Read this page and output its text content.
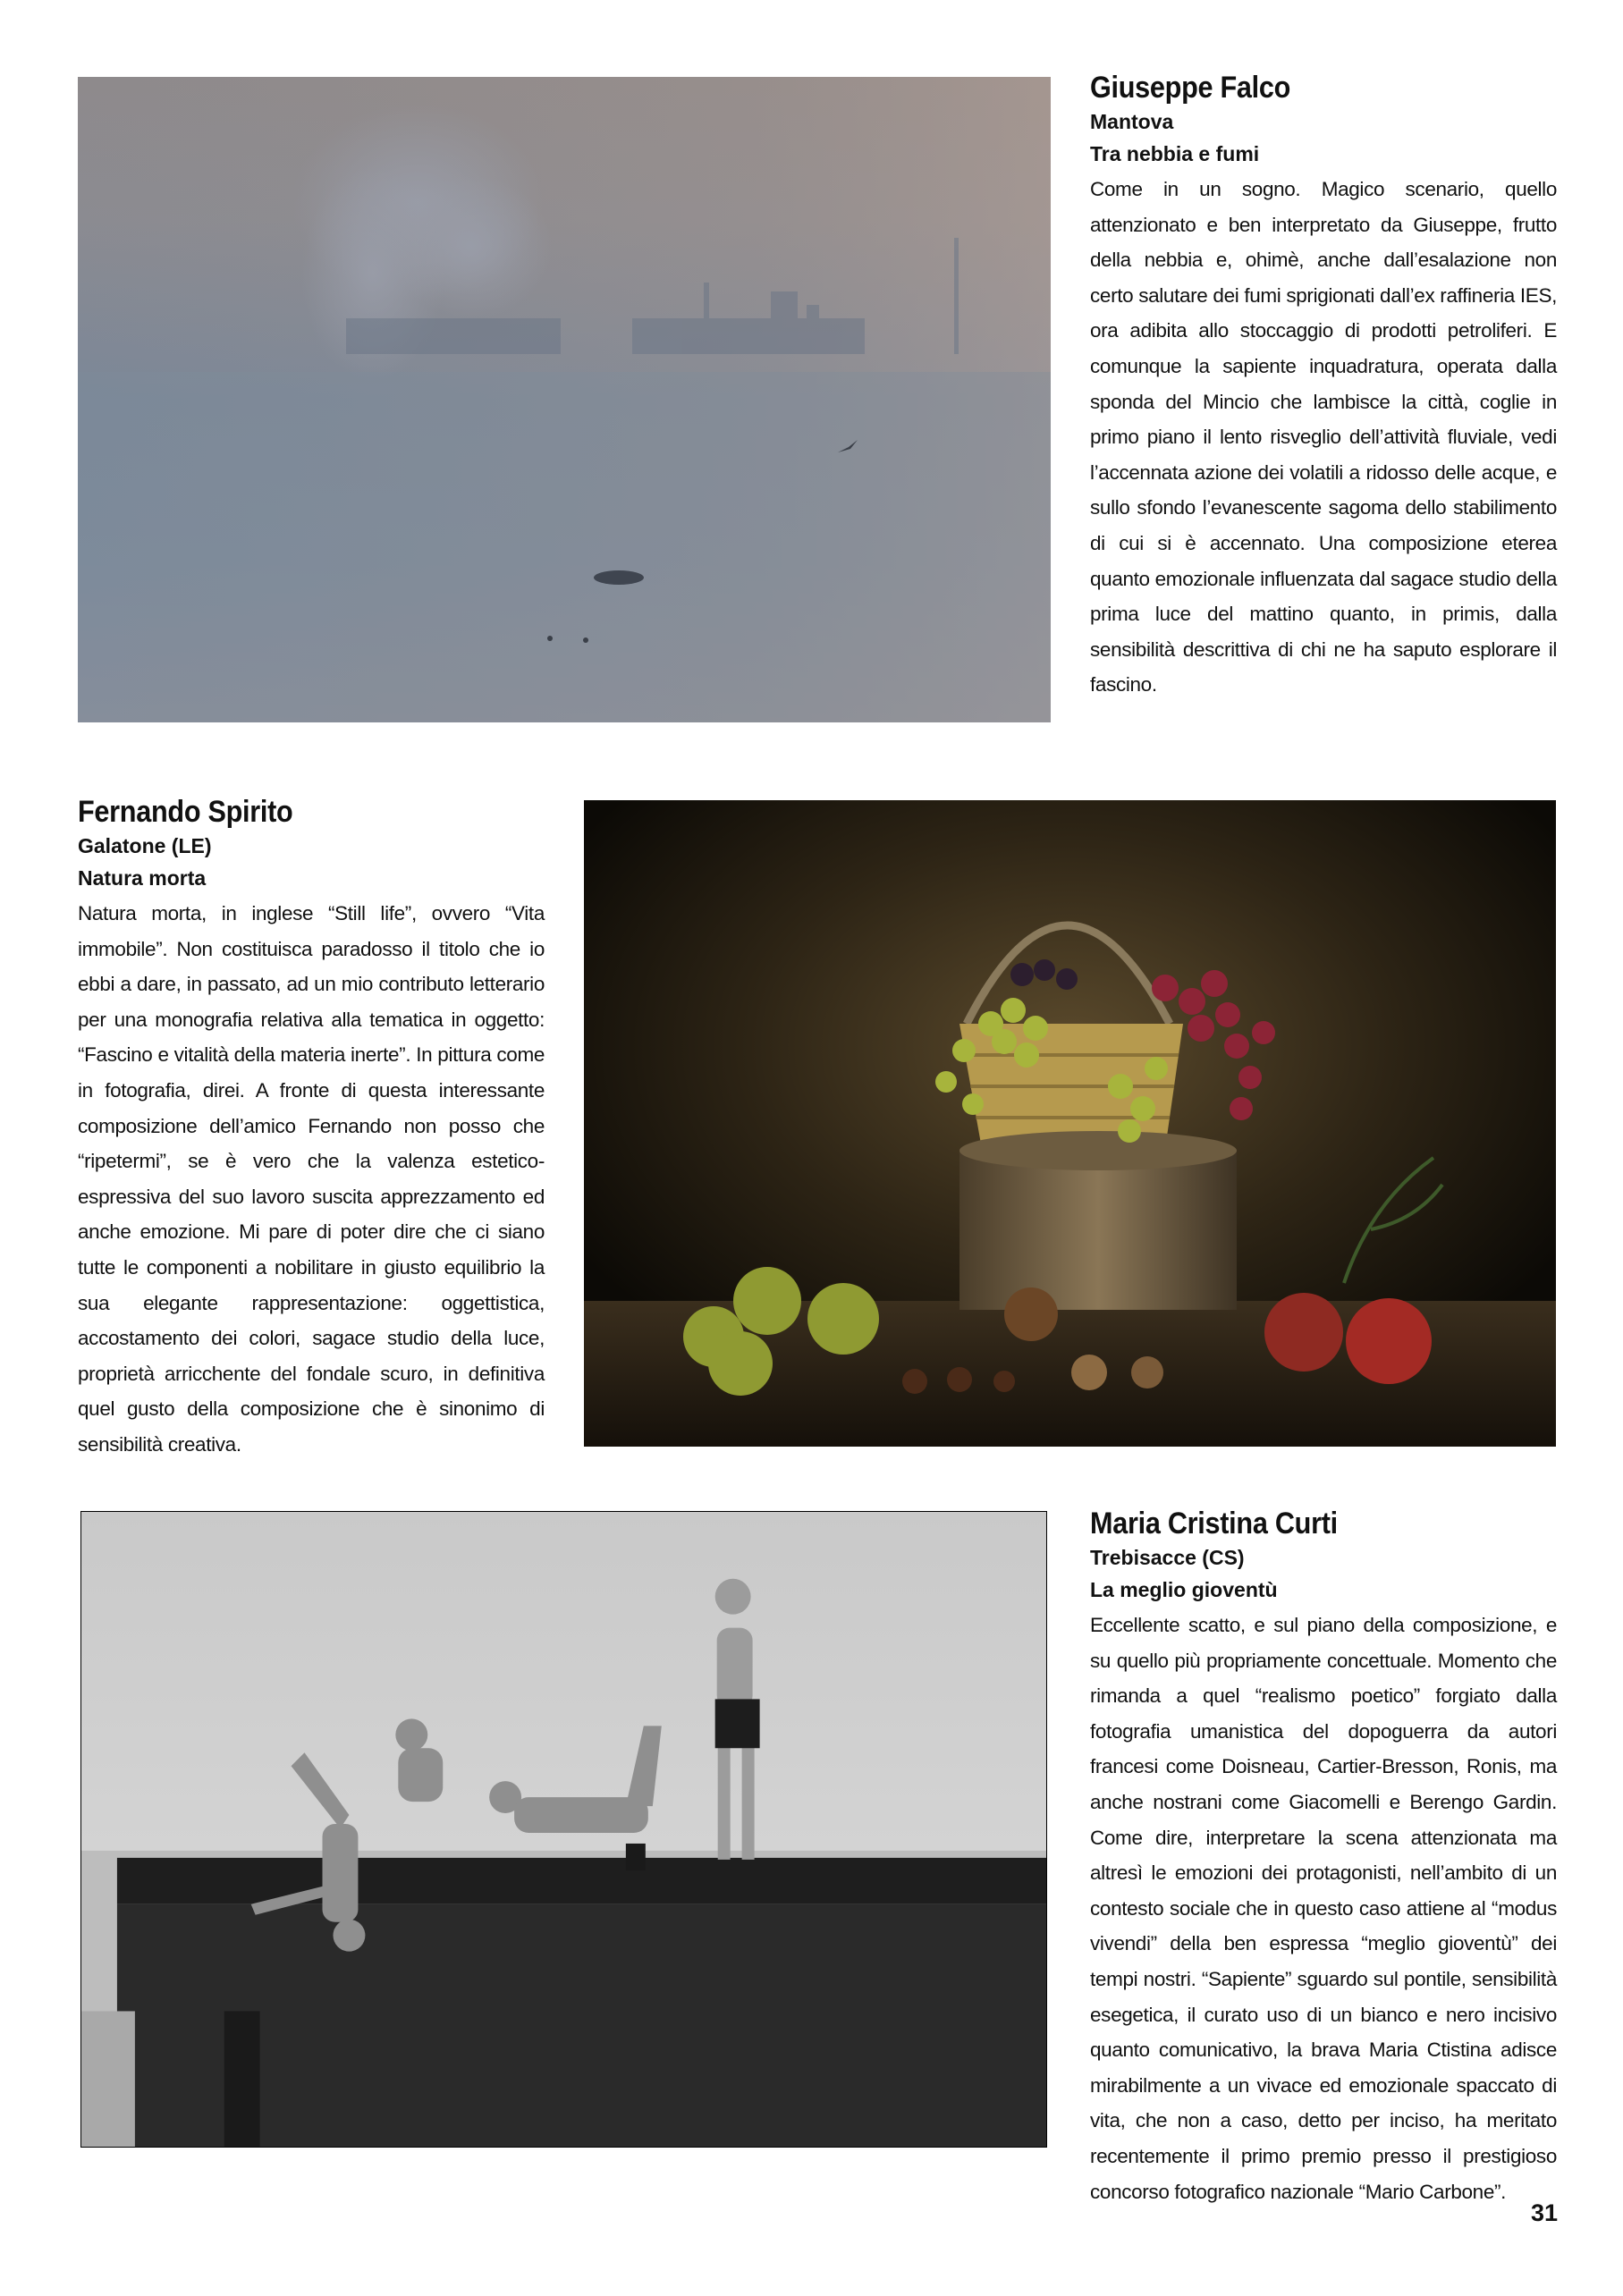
Giuseppe Falco
Mantova
Tra nebbia e fumi

Come in un sogno. Magico scenario, quello attenzionato e ben interpretato da Giuseppe, frutto della nebbia e, ohimè, anche dall’esalazione non certo salutare dei fumi sprigionati dall’ex raffineria IES, ora adibita allo stoccaggio di prodotti petroliferi. E comunque la sapiente inquadratura, operata dalla sponda del Mincio che lambisce la città, coglie in primo piano il lento risveglio dell’attività fluviale, vedi l’accennata azione dei volatili a ridosso delle acque, e sullo sfondo l’evanescente sagoma dello stabilimento di cui si è accennato. Una composizione eterea quanto emozionale influenzata dal sagace studio della prima luce del mattino quanto, in primis, dalla sensibilità descrittiva di chi ne ha saputo esplorare il fascino.

Fernando Spirito
Galatone (LE)
Natura morta

Natura morta, in inglese “Still life”, ovvero “Vita immobile”. Non costituisca paradosso il titolo che io ebbi a dare, in passato, ad un mio contributo letterario per una monografia relativa alla tematica in oggetto: “Fascino e vitalità della materia inerte”. In pittura come in fotografia, direi. A fronte di questa interessante composizione dell’amico Fernando non posso che “ripetermi”, se è vero che la valenza estetico-espressiva del suo lavoro suscita apprezzamento ed anche emozione. Mi pare di poter dire che ci siano tutte le componenti a nobilitare in giusto equilibrio la sua elegante rappresentazione: oggettistica, accostamento dei colori, sagace studio della luce, proprietà arricchente del fondale scuro, in definitiva quel gusto della composizione che è sinonimo di sensibilità creativa.

Maria Cristina Curti
Trebisacce (CS)
La meglio gioventù

Eccellente scatto, e sul piano della composizione, e su quello più propriamente concettuale. Momento che rimanda a quel “realismo poetico” forgiato dalla fotografia umanistica del dopoguerra da autori francesi come Doisneau, Cartier-Bresson, Ronis, ma anche nostrani come Giacomelli e Berengo Gardin. Come dire, interpretare la scena attenzionata ma altresì le emozioni dei protagonisti, nell’ambito di un contesto sociale che in questo caso attiene al “modus vivendi” della ben espressa “meglio gioventù” dei tempi nostri. “Sapiente” sguardo sul pontile, sensibilità esegetica, il curato uso di un bianco e nero incisivo quanto comunicativo, la brava Maria Ctistina adisce mirabilmente a un vivace ed emozionale spaccato di vita, che non a caso, detto per inciso, ha meritato recentemente il primo premio presso il prestigioso concorso fotografico nazionale “Mario Carbone”.

31
